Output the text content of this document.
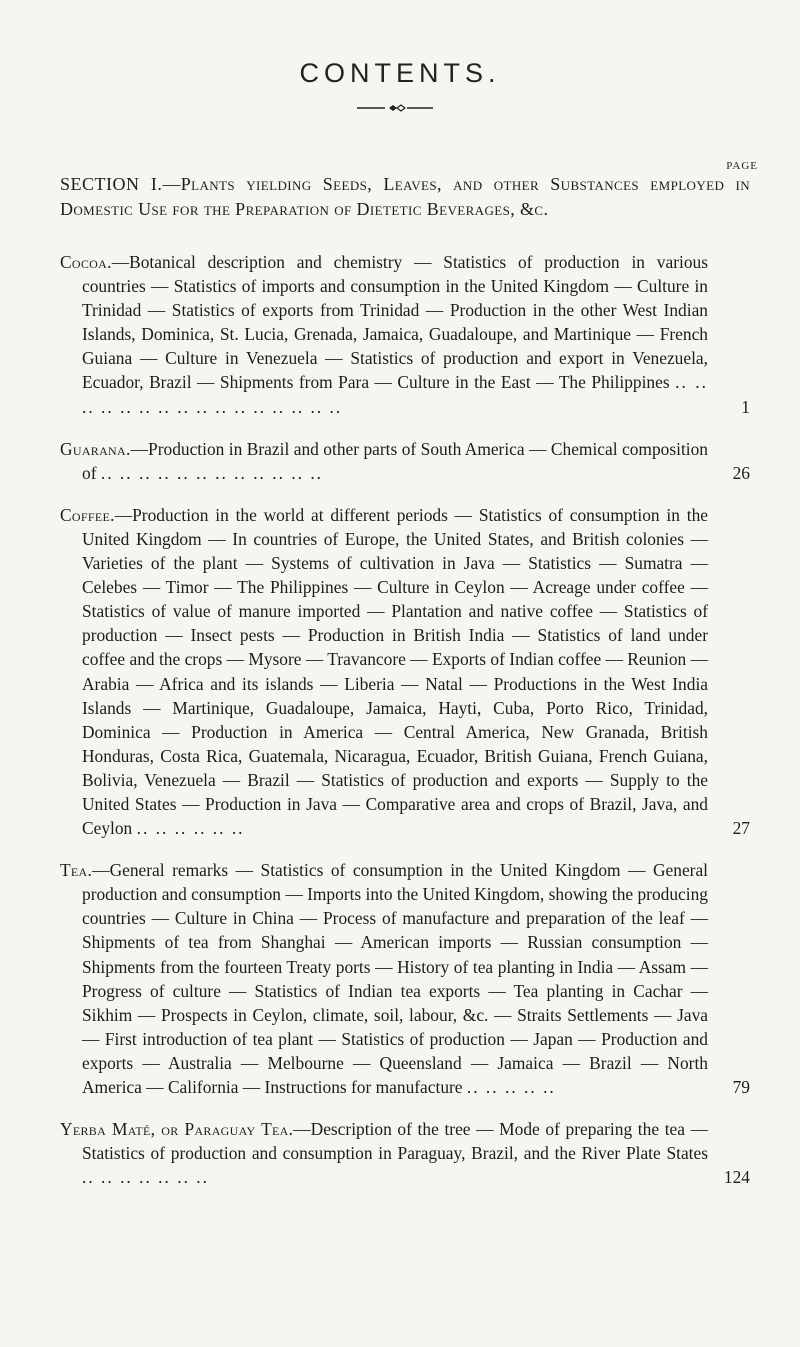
CONTENTS.
PAGE
SECTION I.—Plants yielding Seeds, Leaves, and other Substances employed in Domestic Use for the Preparation of Dietetic Beverages, &c.
Cocoa.—Botanical description and chemistry — Statistics of production in various countries — Statistics of imports and consumption in the United Kingdom — Culture in Trinidad — Statistics of exports from Trinidad — Production in the other West Indian Islands, Dominica, St. Lucia, Grenada, Jamaica, Guadaloupe, and Martinique — French Guiana — Culture in Venezuela — Statistics of production and export in Venezuela, Ecuador, Brazil — Shipments from Para — Culture in the East — The Philippines .. .. .. .. .. .. .. .. .. .. .. .. .. .. .. ..	1
Guarana.—Production in Brazil and other parts of South America — Chemical composition of .. .. .. .. .. .. .. .. .. .. .. ..	26
Coffee.—Production in the world at different periods — Statistics of consumption in the United Kingdom — In countries of Europe, the United States, and British colonies — Varieties of the plant — Systems of cultivation in Java — Statistics — Sumatra — Celebes — Timor — The Philippines — Culture in Ceylon — Acreage under coffee — Statistics of value of manure imported — Plantation and native coffee — Statistics of production — Insect pests — Production in British India — Statistics of land under coffee and the crops — Mysore — Travancore — Exports of Indian coffee — Reunion — Arabia — Africa and its islands — Liberia — Natal — Productions in the West India Islands — Martinique, Guadaloupe, Jamaica, Hayti, Cuba, Porto Rico, Trinidad, Dominica — Production in America — Central America, New Granada, British Honduras, Costa Rica, Guatemala, Nicaragua, Ecuador, British Guiana, French Guiana, Bolivia, Venezuela — Brazil — Statistics of production and exports — Supply to the United States — Production in Java — Comparative area and crops of Brazil, Java, and Ceylon .. .. .. .. .. ..	27
Tea.—General remarks — Statistics of consumption in the United Kingdom — General production and consumption — Imports into the United Kingdom, showing the producing countries — Culture in China — Process of manufacture and preparation of the leaf — Shipments of tea from Shanghai — American imports — Russian consumption — Shipments from the fourteen Treaty ports — History of tea planting in India — Assam — Progress of culture — Statistics of Indian tea exports — Tea planting in Cachar — Sikhim — Prospects in Ceylon, climate, soil, labour, &c. — Straits Settlements — Java — First introduction of tea plant — Statistics of production — Japan — Production and exports — Australia — Melbourne — Queensland — Jamaica — Brazil — North America — California — Instructions for manufacture .. .. .. .. ..	79
Yerba Maté, or Paraguay Tea.—Description of the tree — Mode of preparing the tea — Statistics of production and consumption in Paraguay, Brazil, and the River Plate States .. .. .. .. .. .. ..	124
